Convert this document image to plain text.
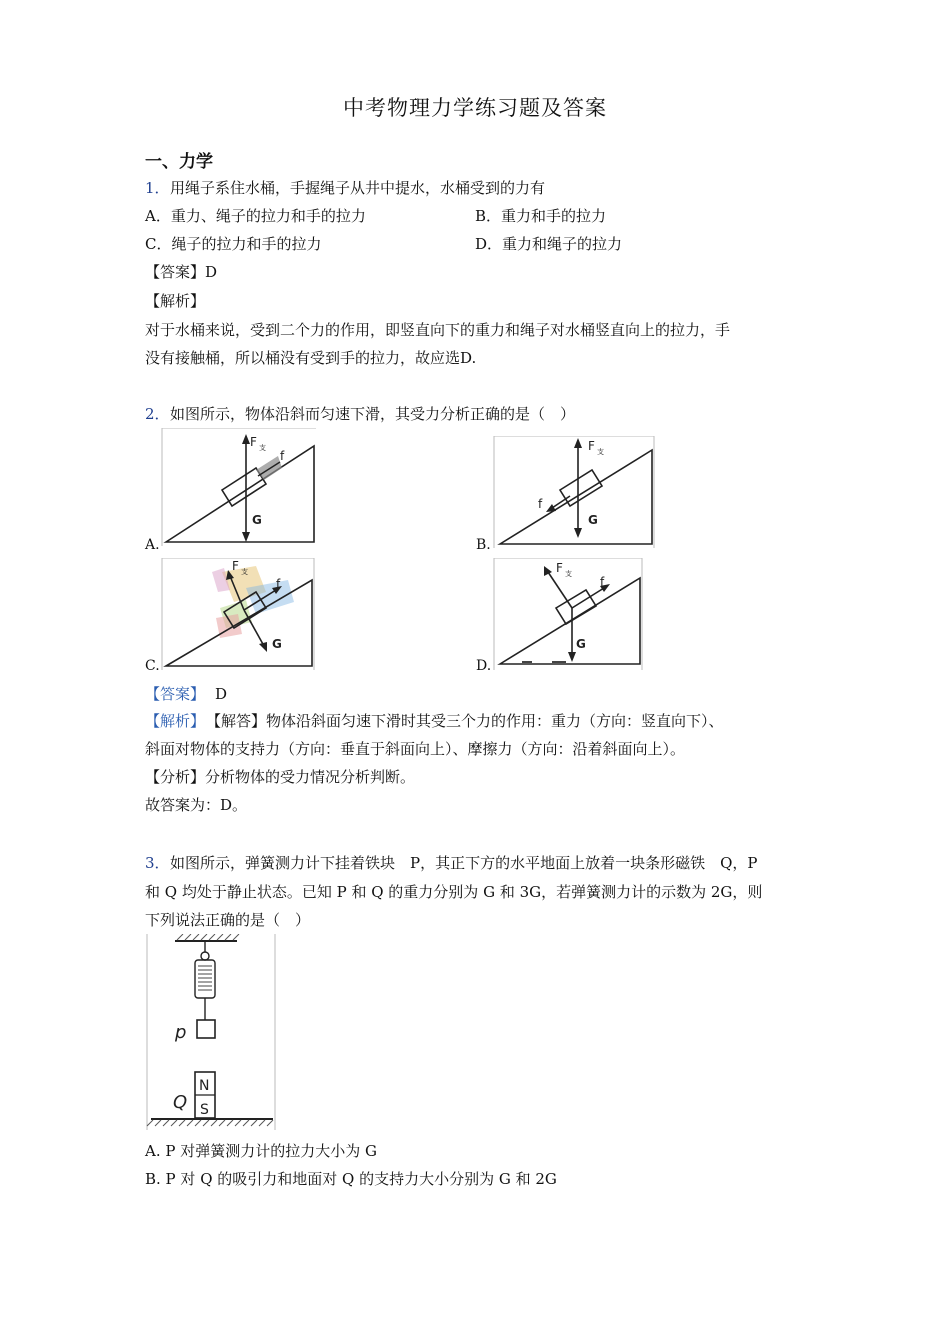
中考物理力学练习题及答案
一、力学
1． 用绳子系住水桶，手握绳子从井中提水，水桶受到的力有
A．重力、绳子的拉力和手的拉力	B．重力和手的拉力
C．绳子的拉力和手的拉力	D．重力和绳子的拉力
【答案】D
【解析】
对于水桶来说，受到二个力的作用，即竖直向下的重力和绳子对水桶竖直向上的拉力，手
没有接触桶，所以桶没有受到手的拉力，故应选D.
2． 如图所示，物体沿斜而匀速下滑，其受力分析正确的是（　）
F 支
f
G
A.
F 支
f
G
B.
F 支
f
G
C.
F 支
f
G
D.
【答案】 D
【解析】 【解答】物体沿斜面匀速下滑时其受三个力的作用：重力（方向：竖直向下）、
斜面对物体的支持力（方向：垂直于斜面向上）、摩擦力（方向：沿着斜面向上）。
【分析】分析物体的受力情况分析判断。
故答案为：D。
3． 如图所示，弹簧测力计下挂着铁块　P，其正下方的水平地面上放着一块条形磁铁　Q，P
和 Q 均处于静止状态。已知 P 和 Q 的重力分别为 G 和 3G，若弹簧测力计的示数为 2G，则
下列说法正确的是（　）
p
N
S
Q
A. P 对弹簧测力计的拉力大小为 G
B. P 对 Q 的吸引力和地面对 Q 的支持力大小分别为 G 和 2G
